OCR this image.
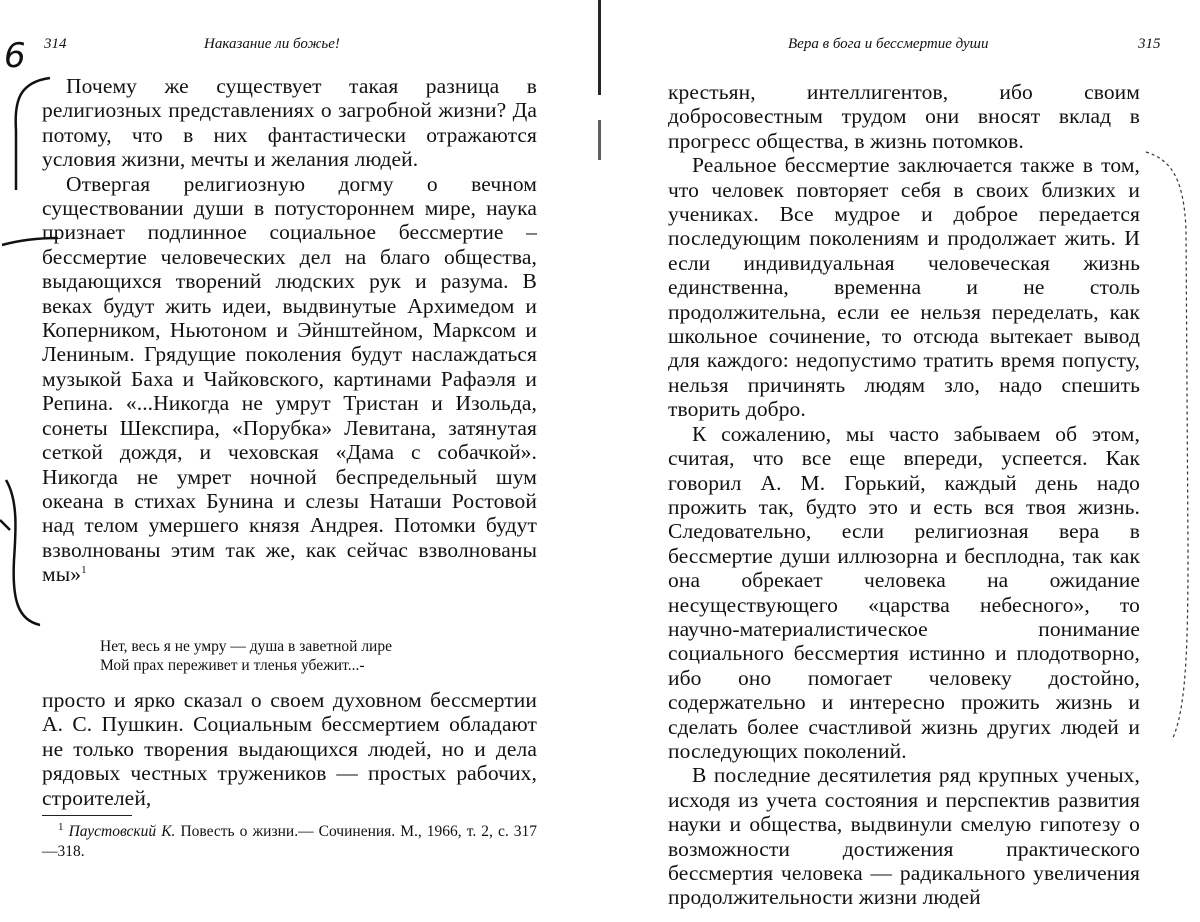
6 314	Наказание ли божье!

Почему же существует такая разница в религиозных представлениях о загробной жизни? Да потому, что в них фантастически отражаются условия жизни, мечты и желания людей.

Отвергая религиозную догму о вечном существовании души в потустороннем мире, наука признает подлинное социальное бессмертие – бессмертие человеческих дел на благо общества, выдающихся творений людских рук и разума. В веках будут жить идеи, выдвинутые Архимедом и Коперником, Ньютоном и Эйнштейном, Марксом и Лениным. Грядущие поколения будут наслаждаться музыкой Баха и Чайковского, картинами Рафаэля и Репина. «...Никогда не умрут Тристан и Изольда, сонеты Шекспира, «Порубка» Левитана, затянутая сеткой дождя, и чеховская «Дама с собачкой». Никогда не умрет ночной беспредельный шум океана в стихах Бунина и слезы Наташи Ростовой над телом умершего князя Андрея. Потомки будут взволнованы этим так же, как сейчас взволнованы мы»$^1$

Нет, весь я не умру — душа в заветной лире
Мой прах переживет и тленья убежит...-

просто и ярко сказал о своем духовном бессмертии А. С. Пушкин. Социальным бессмертием обладают не только творения выдающихся людей, но и дела рядовых честных тружеников — простых рабочих, строителей,

$^1$ Паустовский К. Повесть о жизни.— Сочинения. М., 1966, т. 2, с. 317—318.
Вера в бога и бессмертие души	315

крестьян, интеллигентов, ибо своим добросовестным трудом они вносят вклад в прогресс общества, в жизнь потомков.

Реальное бессмертие заключается также в том, что человек повторяет себя в своих близких и учениках. Все мудрое и доброе передается последующим поколениям и продолжает жить. И если индивидуальная человеческая жизнь единственна, временна и не столь продолжительна, если ее нельзя переделать, как школьное сочинение, то отсюда вытекает вывод для каждого: недопустимо тратить время попусту, нельзя причинять людям зло, надо спешить творить добро.

К сожалению, мы часто забываем об этом, считая, что все еще впереди, успеется. Как говорил А. М. Горький, каждый день надо прожить так, будто это и есть вся твоя жизнь. Следовательно, если религиозная вера в бессмертие души иллюзорна и бесплодна, так как она обрекает человека на ожидание несуществующего «царства небесного», то научно-материалистическое понимание социального бессмертия истинно и плодотворно, ибо оно помогает человеку достойно, содержательно и интересно прожить жизнь и сделать более счастливой жизнь других людей и последующих поколений.

В последние десятилетия ряд крупных ученых, исходя из учета состояния и перспектив развития науки и общества, выдвинули смелую гипотезу о возможности достижения практического бессмертия человека — радикального увеличения продолжительности жизни людей
